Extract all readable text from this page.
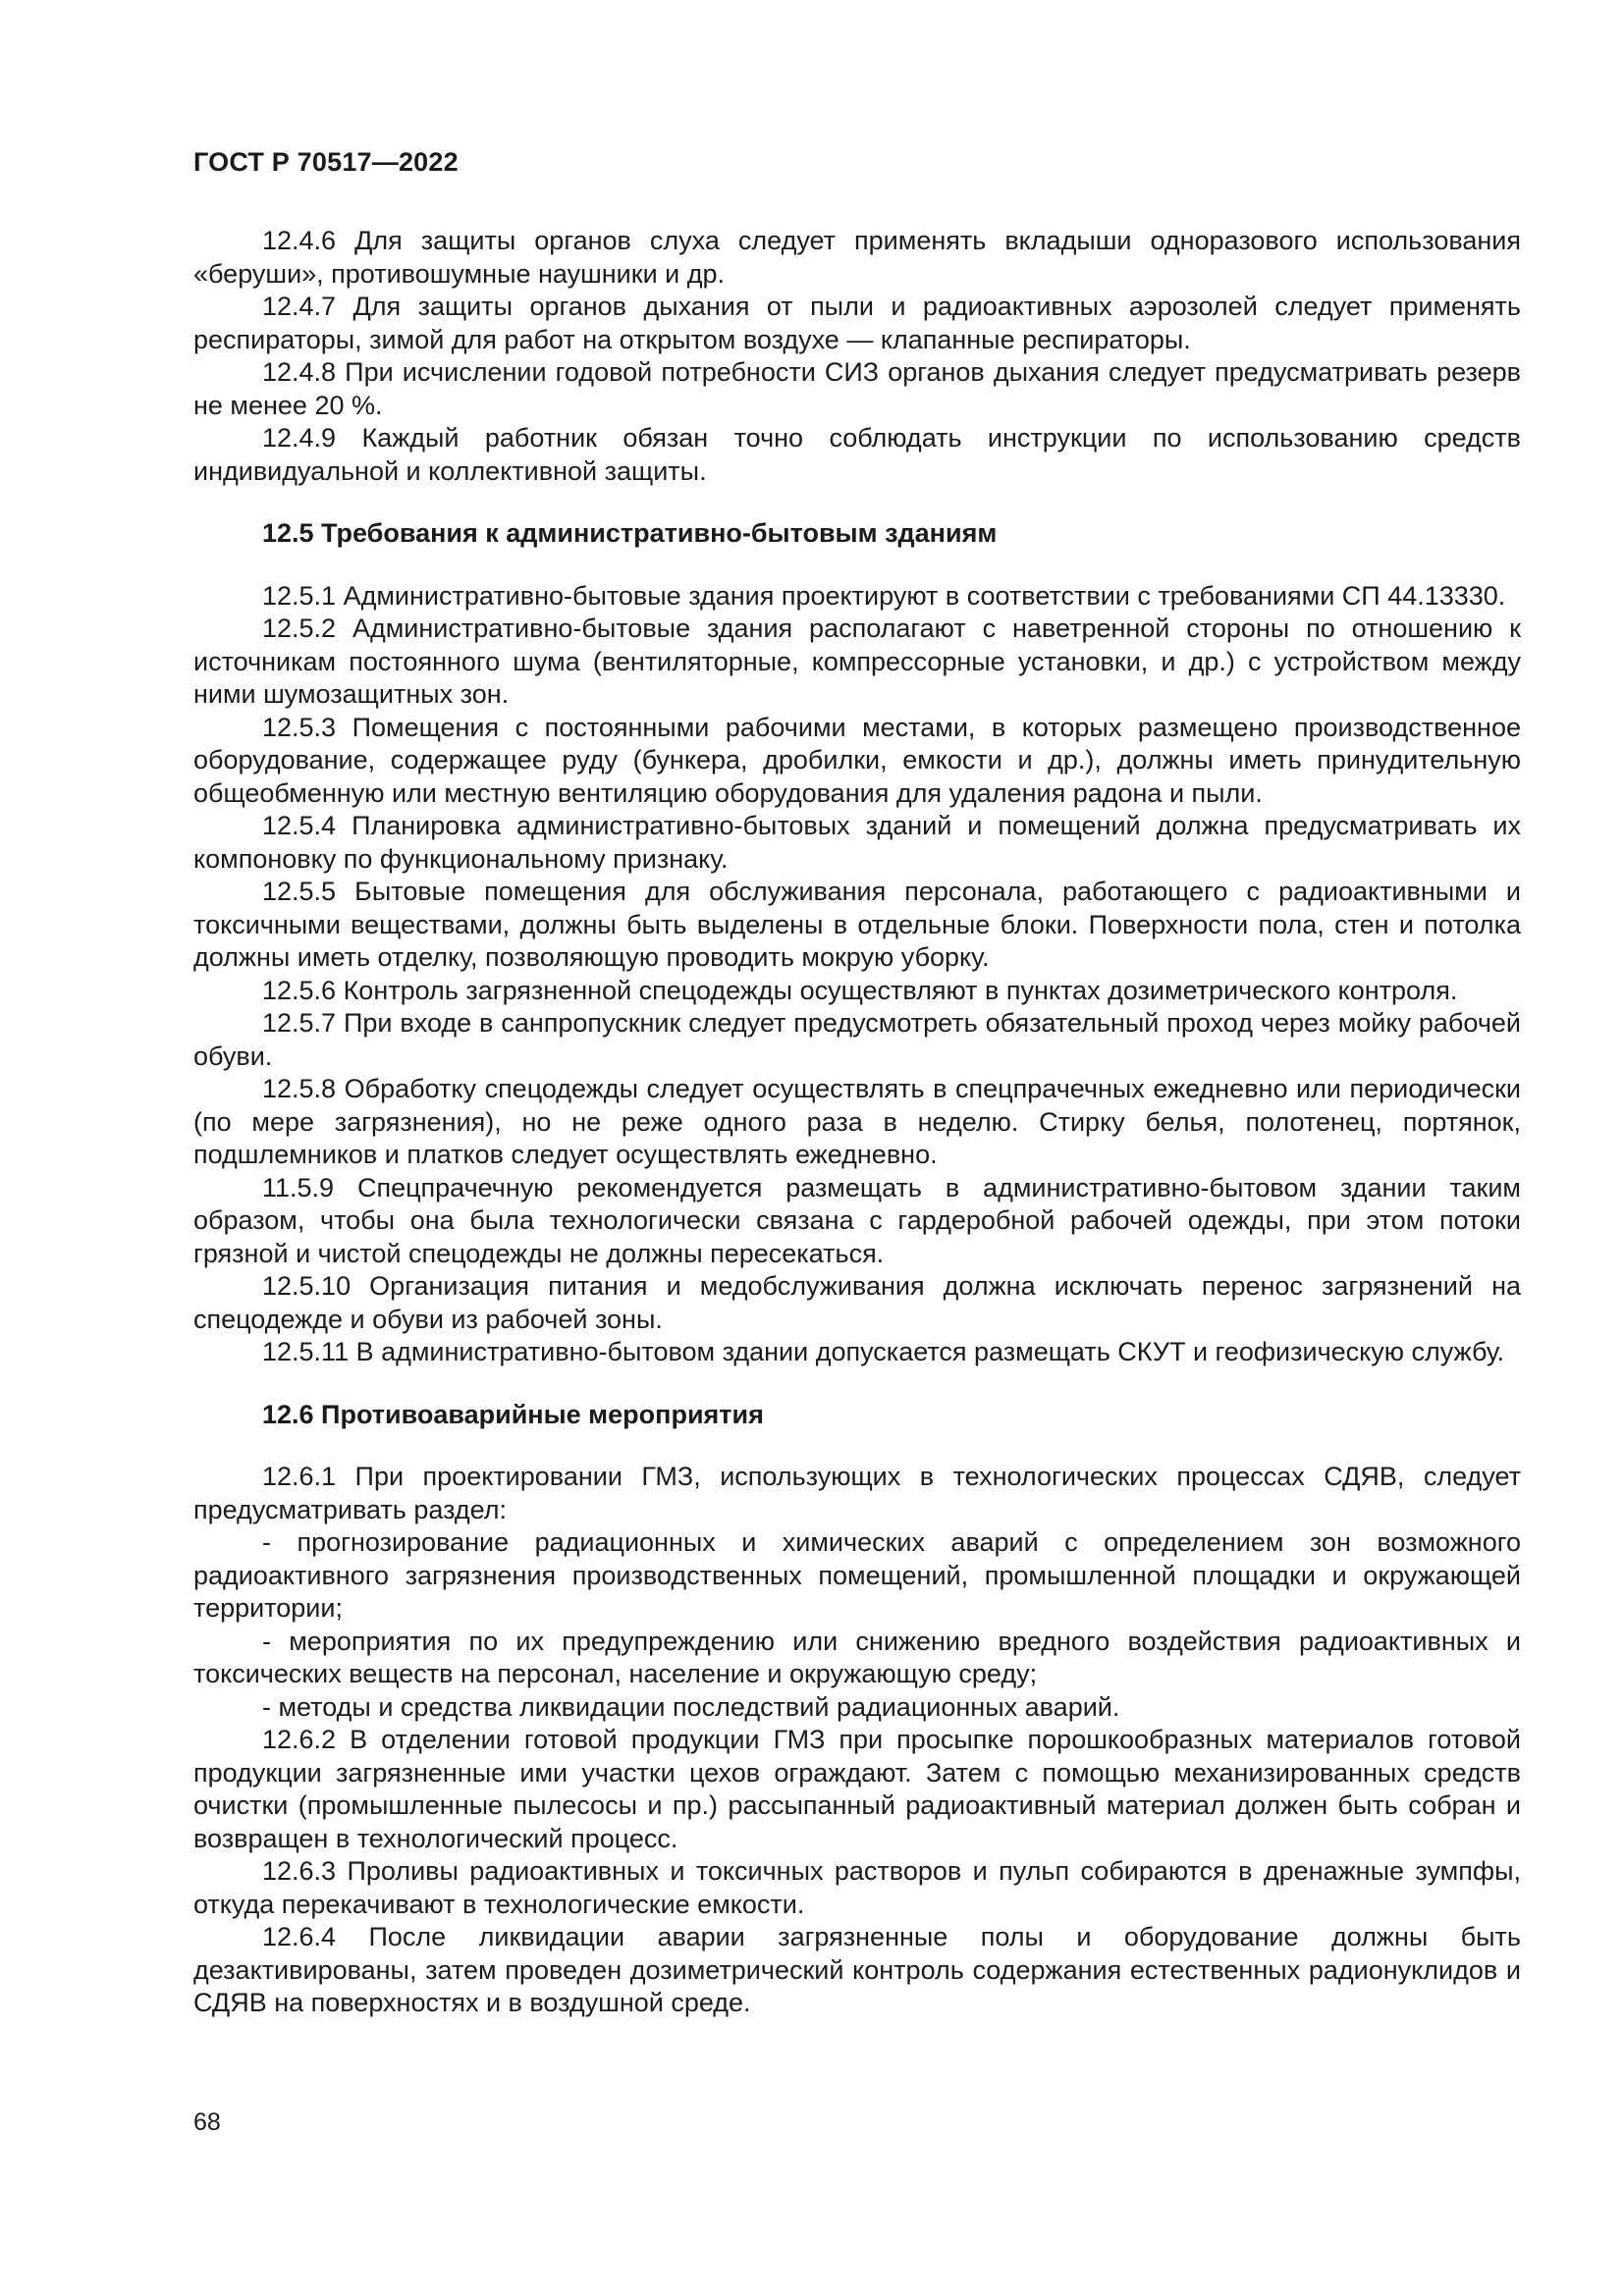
ГОСТ Р 70517—2022

12.4.6 Для защиты органов слуха следует применять вкладыши одноразового использования «беруши», противошумные наушники и др.

12.4.7 Для защиты органов дыхания от пыли и радиоактивных аэрозолей следует применять респираторы, зимой для работ на открытом воздухе — клапанные респираторы.

12.4.8 При исчислении годовой потребности СИЗ органов дыхания следует предусматривать резерв не менее 20 %.

12.4.9 Каждый работник обязан точно соблюдать инструкции по использованию средств индивидуальной и коллективной защиты.

12.5 Требования к административно-бытовым зданиям

12.5.1 Административно-бытовые здания проектируют в соответствии с требованиями СП 44.13330.

12.5.2 Административно-бытовые здания располагают с наветренной стороны по отношению к источникам постоянного шума (вентиляторные, компрессорные установки, и др.) с устройством между ними шумозащитных зон.

12.5.3 Помещения с постоянными рабочими местами, в которых размещено производственное оборудование, содержащее руду (бункера, дробилки, емкости и др.), должны иметь принудительную общеобменную или местную вентиляцию оборудования для удаления радона и пыли.

12.5.4 Планировка административно-бытовых зданий и помещений должна предусматривать их компоновку по функциональному признаку.

12.5.5 Бытовые помещения для обслуживания персонала, работающего с радиоактивными и токсичными веществами, должны быть выделены в отдельные блоки. Поверхности пола, стен и потолка должны иметь отделку, позволяющую проводить мокрую уборку.

12.5.6 Контроль загрязненной спецодежды осуществляют в пунктах дозиметрического контроля.

12.5.7 При входе в санпропускник следует предусмотреть обязательный проход через мойку рабочей обуви.

12.5.8 Обработку спецодежды следует осуществлять в спецпрачечных ежедневно или периодически (по мере загрязнения), но не реже одного раза в неделю. Стирку белья, полотенец, портянок, подшлемников и платков следует осуществлять ежедневно.

11.5.9 Спецпрачечную рекомендуется размещать в административно-бытовом здании таким образом, чтобы она была технологически связана с гардеробной рабочей одежды, при этом потоки грязной и чистой спецодежды не должны пересекаться.

12.5.10 Организация питания и медобслуживания должна исключать перенос загрязнений на спецодежде и обуви из рабочей зоны.

12.5.11 В административно-бытовом здании допускается размещать СКУТ и геофизическую службу.

12.6 Противоаварийные мероприятия

12.6.1 При проектировании ГМЗ, использующих в технологических процессах СДЯВ, следует предусматривать раздел:

- прогнозирование радиационных и химических аварий с определением зон возможного радиоактивного загрязнения производственных помещений, промышленной площадки и окружающей территории;

- мероприятия по их предупреждению или снижению вредного воздействия радиоактивных и токсических веществ на персонал, население и окружающую среду;

- методы и средства ликвидации последствий радиационных аварий.

12.6.2 В отделении готовой продукции ГМЗ при просыпке порошкообразных материалов готовой продукции загрязненные ими участки цехов ограждают. Затем с помощью механизированных средств очистки (промышленные пылесосы и пр.) рассыпанный радиоактивный материал должен быть собран и возвращен в технологический процесс.

12.6.3 Проливы радиоактивных и токсичных растворов и пульп собираются в дренажные зумпфы, откуда перекачивают в технологические емкости.

12.6.4 После ликвидации аварии загрязненные полы и оборудование должны быть дезактивированы, затем проведен дозиметрический контроль содержания естественных радионуклидов и СДЯВ на поверхностях и в воздушной среде.

68
